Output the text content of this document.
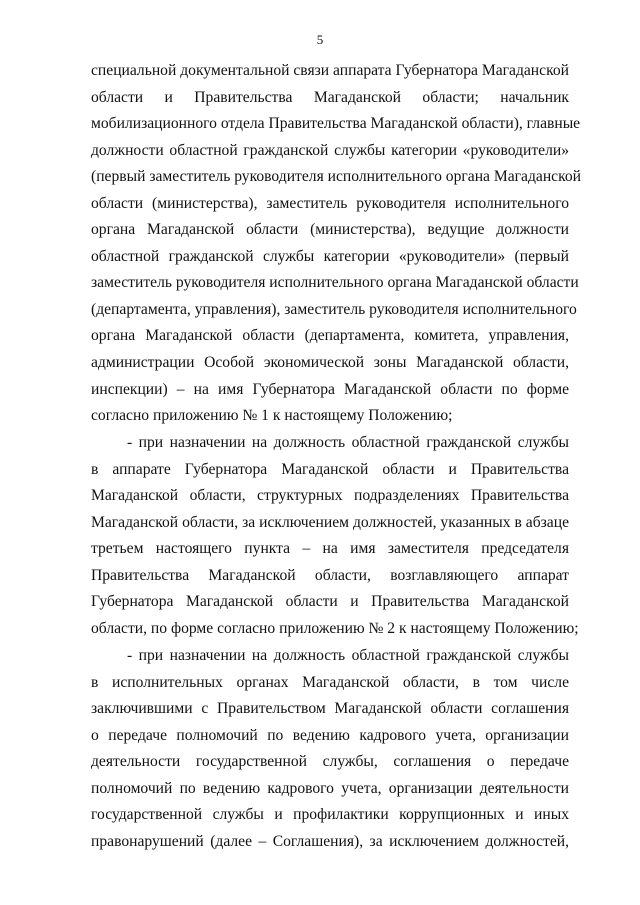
5
специальной документальной связи аппарата Губернатора Магаданской
области и Правительства Магаданской области; начальник
мобилизационного отдела Правительства Магаданской области), главные
должности областной гражданской службы категории «руководители»
(первый заместитель руководителя исполнительного органа Магаданской
области (министерства), заместитель руководителя исполнительного
органа Магаданской области (министерства), ведущие должности
областной гражданской службы категории «руководители» (первый
заместитель руководителя исполнительного органа Магаданской области
(департамента, управления), заместитель руководителя исполнительного
органа Магаданской области (департамента, комитета, управления,
администрации Особой экономической зоны Магаданской области,
инспекции) – на имя Губернатора Магаданской области по форме
согласно приложению № 1 к настоящему Положению;
- при назначении на должность областной гражданской службы
в аппарате Губернатора Магаданской области и Правительства
Магаданской области, структурных подразделениях Правительства
Магаданской области, за исключением должностей, указанных в абзаце
третьем настоящего пункта – на имя заместителя председателя
Правительства Магаданской области, возглавляющего аппарат
Губернатора Магаданской области и Правительства Магаданской
области, по форме согласно приложению № 2 к настоящему Положению;
- при назначении на должность областной гражданской службы
в исполнительных органах Магаданской области, в том числе
заключившими с Правительством Магаданской области соглашения
о передаче полномочий по ведению кадрового учета, организации
деятельности государственной службы, соглашения о передаче
полномочий по ведению кадрового учета, организации деятельности
государственной службы и профилактики коррупционных и иных
правонарушений (далее – Соглашения), за исключением должностей,
